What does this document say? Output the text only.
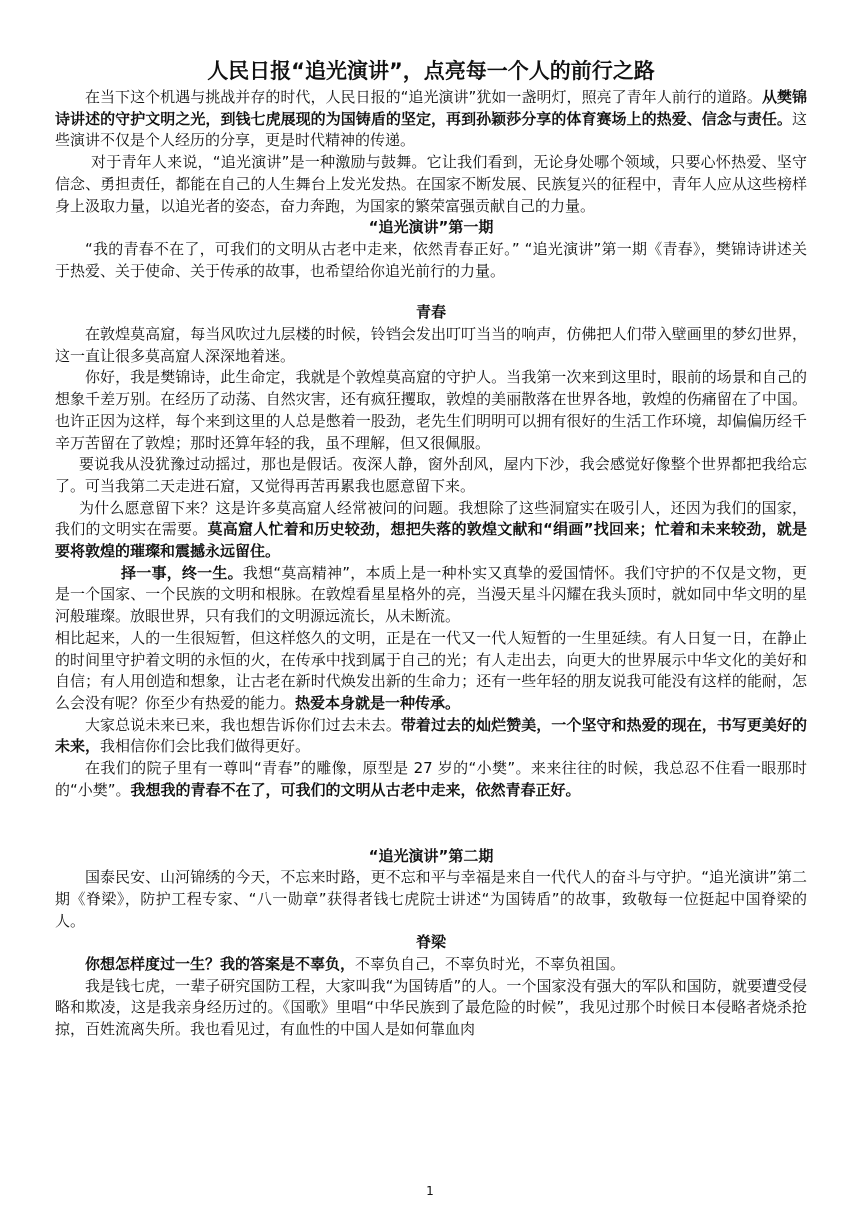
人民日报“追光演讲”，点亮每一个人的前行之路

在当下这个机遇与挑战并存的时代，人民日报的“追光演讲”犹如一盏明灯，照亮了青年人前行的道路。从樊锦诗讲述的守护文明之光，到钱七虎展现的为国铸盾的坚定，再到孙颖莎分享的体育赛场上的热爱、信念与责任。这些演讲不仅是个人经历的分享，更是时代精神的传递。

对于青年人来说，“追光演讲”是一种激励与鼓舞。它让我们看到，无论身处哪个领域，只要心怀热爱、坚守信念、勇担责任，都能在自己的人生舞台上发光发热。在国家不断发展、民族复兴的征程中，青年人应从这些榜样身上汲取力量，以追光者的姿态，奋力奔跑，为国家的繁荣富强贡献自己的力量。

“追光演讲”第一期

“我的青春不在了，可我们的文明从古老中走来，依然青春正好。” “追光演讲”第一期《青春》，樊锦诗讲述关于热爱、关于使命、关于传承的故事，也希望给你追光前行的力量。

青春

在敦煌莫高窟，每当风吹过九层楼的时候，铃铛会发出叮叮当当的响声，仿佛把人们带入壁画里的梦幻世界，这一直让很多莫高窟人深深地着迷。

你好，我是樊锦诗，此生命定，我就是个敦煌莫高窟的守护人。当我第一次来到这里时，眼前的场景和自己的想象千差万别。在经历了动荡、自然灾害，还有疯狂攫取，敦煌的美丽散落在世界各地，敦煌的伤痛留在了中国。也许正因为这样，每个来到这里的人总是憋着一股劲，老先生们明明可以拥有很好的生活工作环境，却偏偏历经千辛万苦留在了敦煌；那时还算年轻的我，虽不理解，但又很佩服。

要说我从没犹豫过动摇过，那也是假话。夜深人静，窗外刮风，屋内下沙，我会感觉好像整个世界都把我给忘了。可当我第二天走进石窟，又觉得再苦再累我也愿意留下来。

为什么愿意留下来？这是许多莫高窟人经常被问的问题。我想除了这些洞窟实在吸引人，还因为我们的国家，我们的文明实在需要。莫高窟人忙着和历史较劲，想把失落的敦煌文献和“绢画”找回来；忙着和未来较劲，就是要将敦煌的璀璨和震撼永远留住。

择一事，终一生。我想“莫高精神”，本质上是一种朴实又真挚的爱国情怀。我们守护的不仅是文物，更是一个国家、一个民族的文明和根脉。在敦煌看星星格外的亮，当漫天星斗闪耀在我头顶时，就如同中华文明的星河般璀璨。放眼世界，只有我们的文明源远流长，从未断流。

相比起来，人的一生很短暂，但这样悠久的文明，正是在一代又一代人短暂的一生里延续。有人日复一日，在静止的时间里守护着文明的永恒的火，在传承中找到属于自己的光；有人走出去，向更大的世界展示中华文化的美好和自信；有人用创造和想象，让古老在新时代焕发出新的生命力；还有一些年轻的朋友说我可能没有这样的能耐，怎么会没有呢？你至少有热爱的能力。热爱本身就是一种传承。

大家总说未来已来，我也想告诉你们过去未去。带着过去的灿烂赞美，一个坚守和热爱的现在，书写更美好的未来，我相信你们会比我们做得更好。

在我们的院子里有一尊叫“青春”的雕像，原型是 27 岁的“小樊”。来来往往的时候，我总忍不住看一眼那时的“小樊”。我想我的青春不在了，可我们的文明从古老中走来，依然青春正好。

“追光演讲”第二期

国泰民安、山河锦绣的今天，不忘来时路，更不忘和平与幸福是来自一代代人的奋斗与守护。“追光演讲”第二期《脊梁》，防护工程专家、“八一勋章”获得者钱七虎院士讲述“为国铸盾”的故事，致敬每一位挺起中国脊梁的人。

脊梁

你想怎样度过一生？我的答案是不辜负，不辜负自己，不辜负时光，不辜负祖国。

我是钱七虎，一辈子研究国防工程，大家叫我“为国铸盾”的人。一个国家没有强大的军队和国防，就要遭受侵略和欺凌，这是我亲身经历过的。《国歌》里唱“中华民族到了最危险的时候”，我见过那个时候日本侵略者烧杀抢掠，百姓流离失所。我也看见过，有血性的中国人是如何靠血肉

1
